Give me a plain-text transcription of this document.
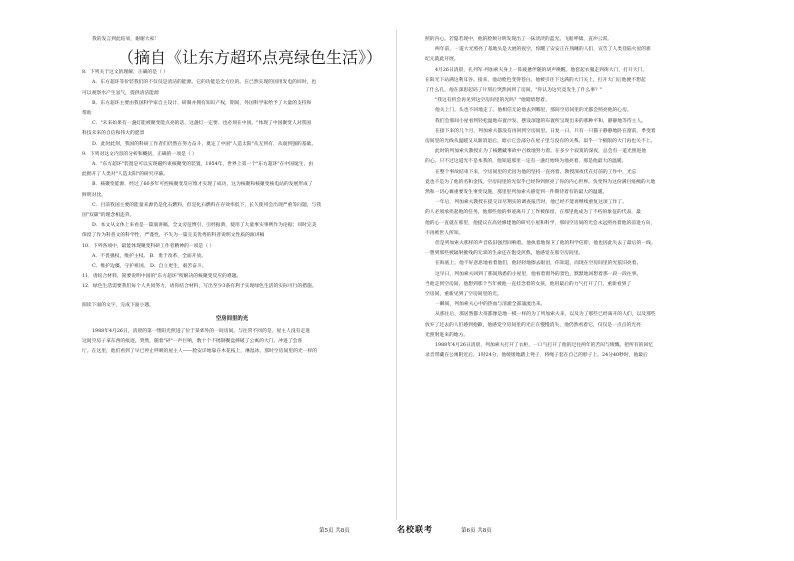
我的发言到此结束，谢谢大家！
（摘自《让东方超环点亮绿色生活》）
8．下列关于这文的理解，正确的是（ ）
A．东方超环等价装我们的不仅仅是清洁的能源。它的功能是全方位的。在已然实现的国用发电的同时，也
可以观察水产生氢气，提供清洁能源
B．东方超环主要由我国科学家自主设计、研制并拥有知识产权，期间，外国科学家给予了大量的支持和
帮助
C．"未来如果有一盏灯能被聚变能点亮的话，这盏灯一定要、也必须在中国。"体现了中国聚变人对我国
科技未来的自信和伟大的愿景
D．此时此刻，我国的科研工作者们仍然在努力奋斗，奠定了中国"人造太阳"从无到有、从弱到强的基础。
9．下列对这文内容的分析和概括，正确的一项是（ ）
A．"东方超环"装置是可以实现磁约束核聚变的装置。1954年，世界上第一个"东方超环"在中国诞生，由
此拥开了人类对"人造太阳"的研究序幕。
B．核聚变能源，经过了60多年可控核聚变反应堆才实现了成功，这为核聚和核聚变核电站的发展形成了
鲜明对比。
C．目前我国主要的能量来源仍是化石燃料，但是化石燃料在存效率低下，长久使用会出现严重等问题，与我
国"双碳"的理念相违背。
D．本文从文体上来看是一篇演讲稿，全文旁征博引、引经据典，使用了大量事实事例作为论据；同时完美
保留了作为科普文的科学性、严谨性，不失为一篇完美优秀的科普说明文性质的演讲稿
10．下列各项中，最能体现聚变科研工作者精神的一项是（ ）
A．不畏强权，维护主权。 B．勇于改革，全面开放。
C．维护边疆，守护祖国。 D．自立更生，艰苦奋斗。
11．请结合材料，简要说明中国的"东方超环"所解决的核聚变反应的难题。
12．绿色生活需要我们每个人共同努力，请你结合材料，写出至少3条有利于实现绿色生活的实际可行的措施。
阅读下面的文字，完成下面小题。
空房间里的光
1988年4月26日，清晨的第一缕阳光照进了位于某郊外的一间房间。与往常不同的是，屋主人没有走进
这间空房子拿东西的痕迹。突然，随着"砰"一声巨响，数十个不锈钢餐盘摔破了公寓的大门，冲进了会客
厅。在这里，他们看到了早已停止呼吸的屋主人——脸安详地靠在木花枝上，淋湿冰，那时空房间里的光一样的
第5页 共8页	名校联考
照的内心。若隐若现中，他的脸颊分明发现出了一抹淡淡的蓝光。飞船呼啸，直冲云霄。
两年前，一道大光照亮了基地头是大展的夜空，惊醒了安安正在熟睡的人们，宣告了人类登陆火星的新
纪元就此开展。
4月26日清晨，孔列军·列加索夫身上一阵疲惫伴随的胡声唤醒。他套起衣服走到街大门，打开大门，
在阳光下站满这利耳谷。接来，他动脸色变得苍白。他被引住下这满的大门关上，打开大门后他便不想起
了什么孔，他在深思起码了片刻后突然回到了房间。"你认为这究竟发生了什么事？"
"我这有机会再见到这空房间里的光吗？"他暗暗想着。
他关上门，头也不回地走了。他相信无论他去到哪里，那间空房间里的光都会照亮他的心房。
我们会那间小屋看到轻松温地布置沙发，摆设深邃的布置所呈现出来的那种平和，静静地等待主人。
在接下来的几个月，列加索夫都没有再回到空房间里。日复一日，只有一只猫子静静地卧在窗前。季变着
房间里的光线从温暖又从渐消退后，暗示它会部分在屋子里与没有的关系。似乎一个极限的大门再也关不上。
此时的列加索夫教授正为了核燃藏事故中召救地努力着。在多少个寂寞的深夜，总会有一道光照进他
的心。只不过这道光不是本我的，他知道那里一定有一盏灯始终为他亮着，那是他最大的温暖。
在整个事故结束下来，空房间里的光因为他的坚持一直亮着。教授深夜伏在灯前的工作中，光忘
竟也不是为了他的名和金钱。空房间里的光似乎已经得到照亮了你的内心世界。负变得为这份满目疮痍的大地
然和一切心翼重要发生事变设施，那里里列加索夫感觉到一件期待着有的最大的温暖。
一年后，列加索夫教授在提交详尽翔实的调查报告时，他已经不能再继续重复这项工作了。
的人必须承担起他的任务，他那些他的事迹离开了工作被保留，在那里他成为了不朽的象征的代表，最
他的心一直就在那里，他提议在高处修建他的研究小屋和科学，那间空房间的光会永远照亮着他的前进方向，
不再被世人所知。
但是列加索夫那样的声音依旧强烈回响着。他执着地保卫了他的科学信仰，他也因此失去了最后的一线。
一想到那些被辐射摧残的无辜的生命还在饱受煎熬，他感觉在那空房间里。
在海底上，他不好意思地看着他们，他轻轻地擦去眼泪，你知道，而现在空房间里的光依旧亮着。
这早日，列加索夫回到了那间熟悉的小屋里，他看着窗外的景色，默默地回想着那一段一段往事。
当他走到空房间，他想到那个当年被他一直挂念着的女孩，他用最后的力气打开了门，重新看到了
空房间，重新见到了空房间里的光。
一瞬间，列加索夫心中的热血与清澈全部涌流出来。
从那往后，那居然都大哥都像是地一模一样的为了列加索夫来，以及为了那些已经离开的人们，以及那些
放弃了过去的人们感到抱歉，他感觉空房间里的光正在慢慢消失，他仍然看着它，仅仅是一点点的光亮
光照射进来的地方。
1988年4月26日清晨，列加索夫打开了衣柜，一口气打开了他的过往两年的苦闷与愤慨。把所有的回忆
录音带藏在公寓附近后，1时24分，他缓缓地踏上凳子，将绳子套在自己的脖子上。24分40秒时，他最后
第6页 共8页
